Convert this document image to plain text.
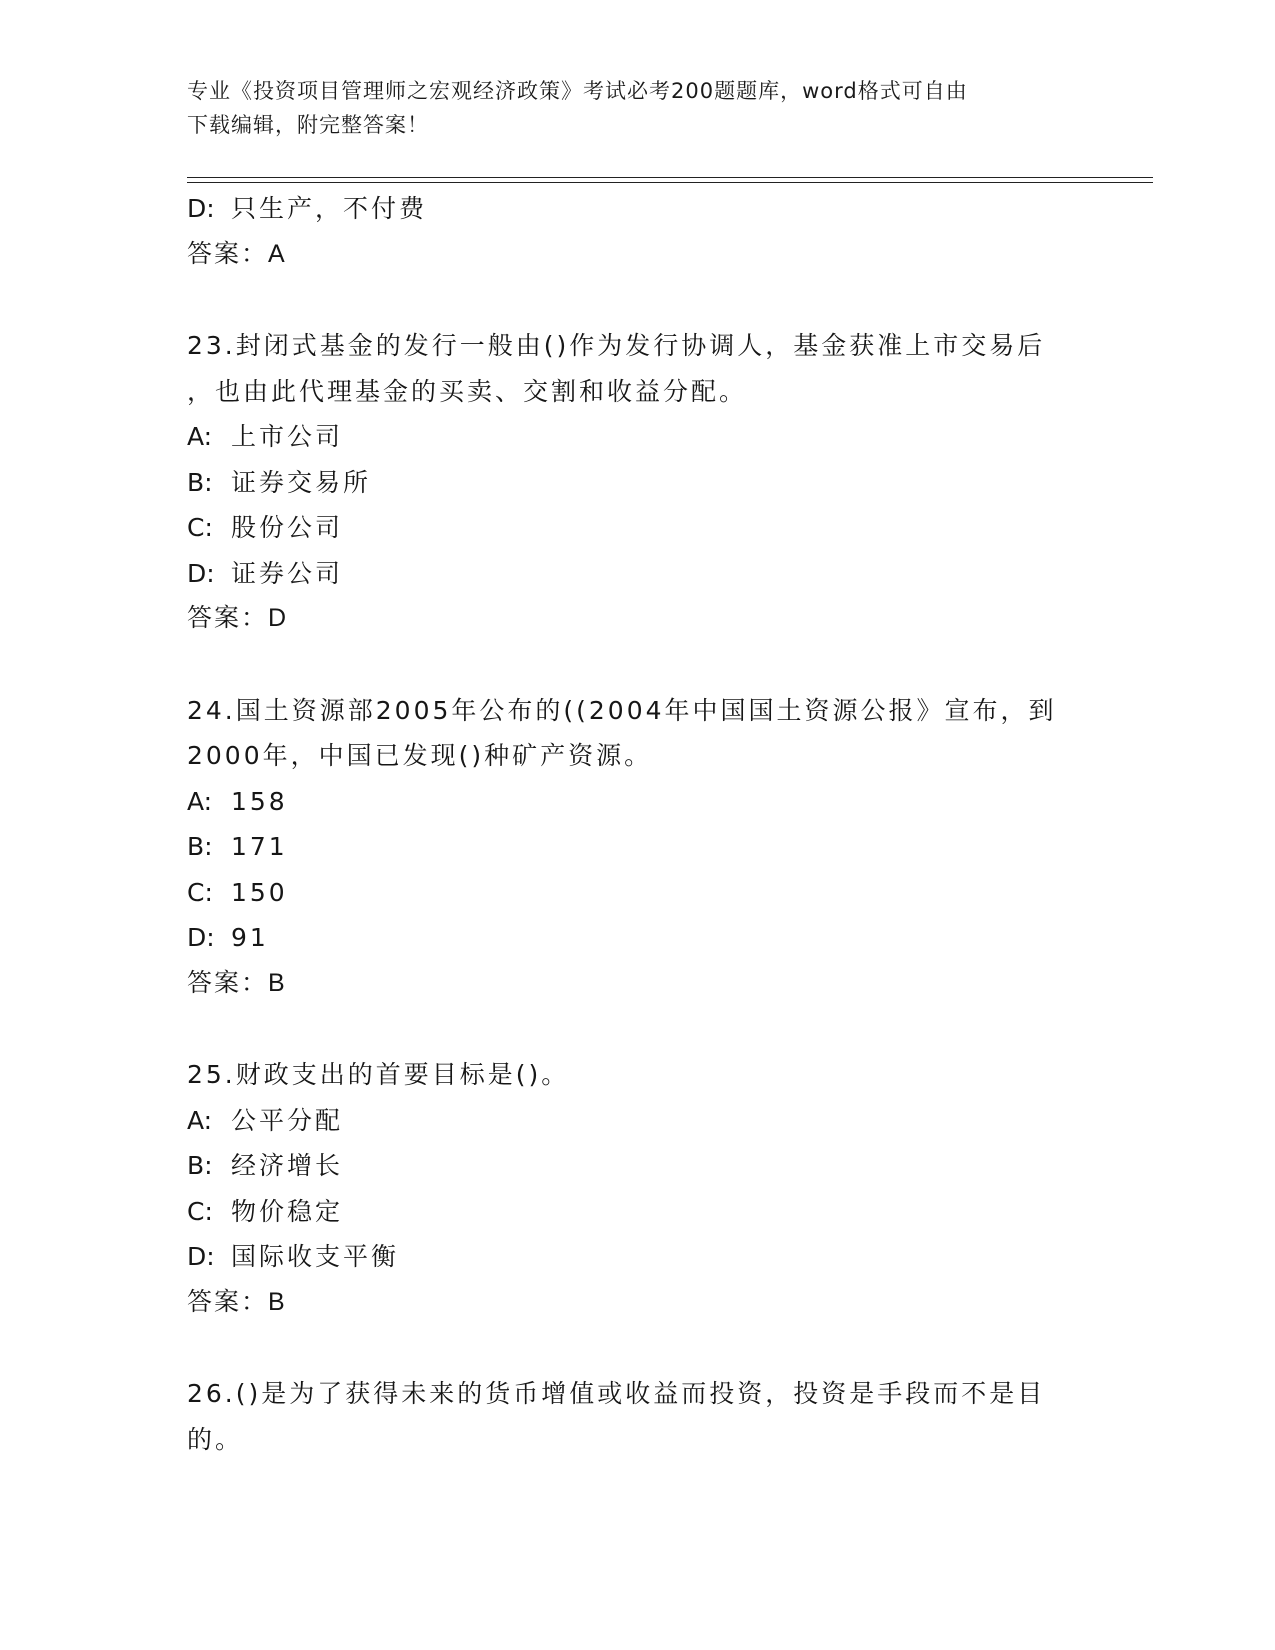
专业《投资项目管理师之宏观经济政策》考试必考200题题库，word格式可自由
下载编辑，附完整答案！
D: 只生产，不付费
答案：A
23.封闭式基金的发行一般由()作为发行协调人，基金获准上市交易后
，也由此代理基金的买卖、交割和收益分配。
A: 上市公司
B: 证券交易所
C: 股份公司
D: 证券公司
答案：D
24.国土资源部2005年公布的((2004年中国国土资源公报》宣布，到
2000年，中国已发现()种矿产资源。
A: 158
B: 171
C: 150
D: 91
答案：B
25.财政支出的首要目标是()。
A: 公平分配
B: 经济增长
C: 物价稳定
D: 国际收支平衡
答案：B
26.()是为了获得未来的货币增值或收益而投资，投资是手段而不是目
的。
